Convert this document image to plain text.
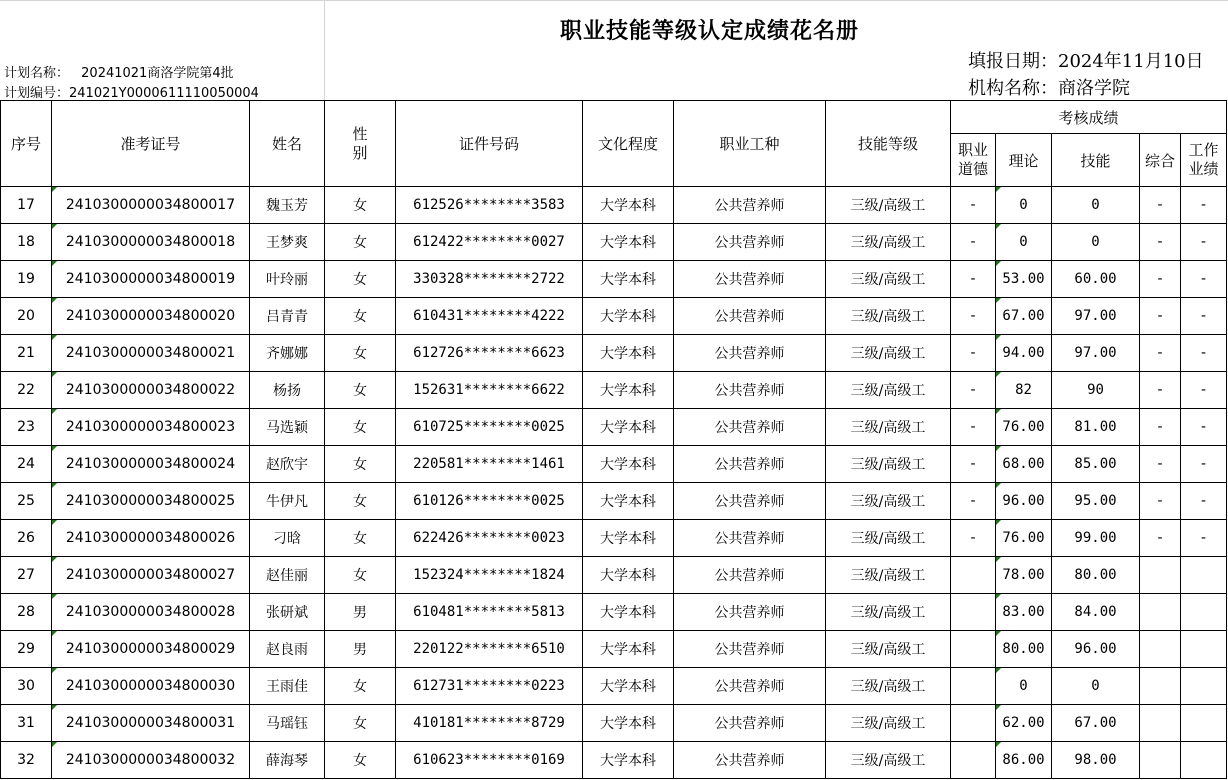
职业技能等级认定成绩花名册
计划名称： 20241021商洛学院第4批
计划编号：241021Y0000611110050004
填报日期：2024年11月10日
机构名称：商洛学院
序号	准考证号	姓名	性别	证件号码	文化程度	职业工种	技能等级	考核成绩				
								职业道德	理论	技能	综合	工作业绩
17	2410300000034800017	魏玉芳	女	612526********3583	大学本科	公共营养师	三级/高级工	-	0	0	-	-
18	2410300000034800018	王梦爽	女	612422********0027	大学本科	公共营养师	三级/高级工	-	0	0	-	-
19	2410300000034800019	叶玲丽	女	330328********2722	大学本科	公共营养师	三级/高级工	-	53.00	60.00	-	-
20	2410300000034800020	吕青青	女	610431********4222	大学本科	公共营养师	三级/高级工	-	67.00	97.00	-	-
21	2410300000034800021	齐娜娜	女	612726********6623	大学本科	公共营养师	三级/高级工	-	94.00	97.00	-	-
22	2410300000034800022	杨扬	女	152631********6622	大学本科	公共营养师	三级/高级工	-	82	90	-	-
23	2410300000034800023	马选颖	女	610725********0025	大学本科	公共营养师	三级/高级工	-	76.00	81.00	-	-
24	2410300000034800024	赵欣宇	女	220581********1461	大学本科	公共营养师	三级/高级工	-	68.00	85.00	-	-
25	2410300000034800025	牛伊凡	女	610126********0025	大学本科	公共营养师	三级/高级工	-	96.00	95.00	-	-
26	2410300000034800026	刁晗	女	622426********0023	大学本科	公共营养师	三级/高级工	-	76.00	99.00	-	-
27	2410300000034800027	赵佳丽	女	152324********1824	大学本科	公共营养师	三级/高级工		78.00	80.00		
28	2410300000034800028	张研斌	男	610481********5813	大学本科	公共营养师	三级/高级工		83.00	84.00		
29	2410300000034800029	赵良雨	男	220122********6510	大学本科	公共营养师	三级/高级工		80.00	96.00		
30	2410300000034800030	王雨佳	女	612731********0223	大学本科	公共营养师	三级/高级工		0	0		
31	2410300000034800031	马瑶钰	女	410181********8729	大学本科	公共营养师	三级/高级工		62.00	67.00		
32	2410300000034800032	薛海琴	女	610623********0169	大学本科	公共营养师	三级/高级工		86.00	98.00		
